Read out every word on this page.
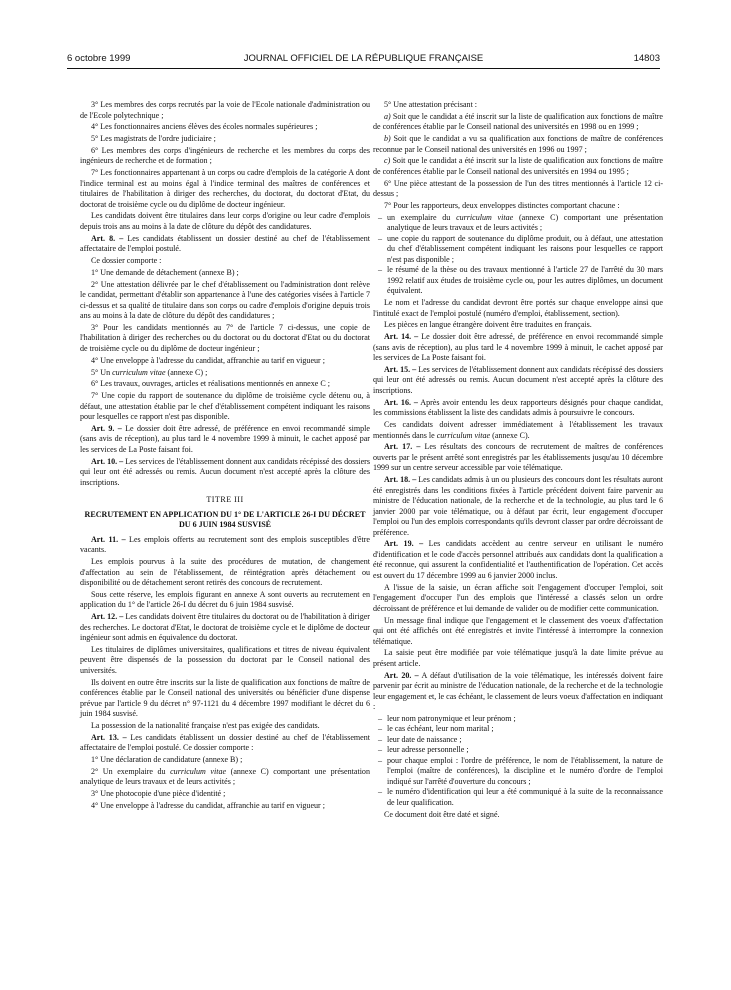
6 octobre 1999	JOURNAL OFFICIEL DE LA RÉPUBLIQUE FRANÇAISE	14803

3° Les membres des corps recrutés par la voie de l'Ecole nationale d'administration ou de l'Ecole polytechnique ;

4° Les fonctionnaires anciens élèves des écoles normales supérieures ;

5° Les magistrats de l'ordre judiciaire ;

6° Les membres des corps d'ingénieurs de recherche et les membres du corps des ingénieurs de recherche et de formation ;

7° Les fonctionnaires appartenant à un corps ou cadre d'emplois de la catégorie A dont l'indice terminal est au moins égal à l'indice terminal des maîtres de conférences et titulaires de l'habilitation à diriger des recherches, du doctorat, du doctorat d'Etat, du doctorat de troisième cycle ou du diplôme de docteur ingénieur.

Les candidats doivent être titulaires dans leur corps d'origine ou leur cadre d'emplois depuis trois ans au moins à la date de clôture du dépôt des candidatures.

Art. 8. – Les candidats établissent un dossier destiné au chef de l'établissement affectataire de l'emploi postulé.

Ce dossier comporte :

1° Une demande de détachement (annexe B) ;

2° Une attestation délivrée par le chef d'établissement ou l'administration dont relève le candidat, permettant d'établir son appartenance à l'une des catégories visées à l'article 7 ci-dessus et sa qualité de titulaire dans son corps ou cadre d'emplois d'origine depuis trois ans au moins à la date de clôture du dépôt des candidatures ;

3° Pour les candidats mentionnés au 7° de l'article 7 ci-dessus, une copie de l'habilitation à diriger des recherches ou du doctorat ou du doctorat d'Etat ou du doctorat de troisième cycle ou du diplôme de docteur ingénieur ;

4° Une enveloppe à l'adresse du candidat, affranchie au tarif en vigueur ;

5° Un curriculum vitae (annexe C) ;

6° Les travaux, ouvrages, articles et réalisations mentionnés en annexe C ;

7° Une copie du rapport de soutenance du diplôme de troisième cycle détenu ou, à défaut, une attestation établie par le chef d'établissement compétent indiquant les raisons pour lesquelles ce rapport n'est pas disponible.

Art. 9. – Le dossier doit être adressé, de préférence en envoi recommandé simple (sans avis de réception), au plus tard le 4 novembre 1999 à minuit, le cachet apposé par les services de La Poste faisant foi.

Art. 10. – Les services de l'établissement donnent aux candidats récépissé des dossiers qui leur ont été adressés ou remis. Aucun document n'est accepté après la clôture des inscriptions.

TITRE III

RECRUTEMENT EN APPLICATION DU 1° DE L'ARTICLE 26-I DU DÉCRET DU 6 JUIN 1984 SUSVISÉ

Art. 11. – Les emplois offerts au recrutement sont des emplois susceptibles d'être vacants.

Les emplois pourvus à la suite des procédures de mutation, de changement d'affectation au sein de l'établissement, de réintégration après détachement ou disponibilité ou de détachement seront retirés des concours de recrutement.

Sous cette réserve, les emplois figurant en annexe A sont ouverts au recrutement en application du 1° de l'article 26-I du décret du 6 juin 1984 susvisé.

Art. 12. – Les candidats doivent être titulaires du doctorat ou de l'habilitation à diriger des recherches. Le doctorat d'Etat, le doctorat de troisième cycle et le diplôme de docteur ingénieur sont admis en équivalence du doctorat.

Les titulaires de diplômes universitaires, qualifications et titres de niveau équivalent peuvent être dispensés de la possession du doctorat par le Conseil national des universités.

Ils doivent en outre être inscrits sur la liste de qualification aux fonctions de maître de conférences établie par le Conseil national des universités ou bénéficier d'une dispense prévue par l'article 9 du décret n° 97-1121 du 4 décembre 1997 modifiant le décret du 6 juin 1984 susvisé.

La possession de la nationalité française n'est pas exigée des candidats.

Art. 13. – Les candidats établissent un dossier destiné au chef de l'établissement affectataire de l'emploi postulé. Ce dossier comporte :

1° Une déclaration de candidature (annexe B) ;

2° Un exemplaire du curriculum vitae (annexe C) comportant une présentation analytique de leurs travaux et de leurs activités ;

3° Une photocopie d'une pièce d'identité ;

4° Une enveloppe à l'adresse du candidat, affranchie au tarif en vigueur ;

5° Une attestation précisant :

a) Soit que le candidat a été inscrit sur la liste de qualification aux fonctions de maître de conférences établie par le Conseil national des universités en 1998 ou en 1999 ;

b) Soit que le candidat a vu sa qualification aux fonctions de maître de conférences reconnue par le Conseil national des universités en 1996 ou 1997 ;

c) Soit que le candidat a été inscrit sur la liste de qualification aux fonctions de maître de conférences établie par le Conseil national des universités en 1994 ou 1995 ;

6° Une pièce attestant de la possession de l'un des titres mentionnés à l'article 12 ci-dessus ;

7° Pour les rapporteurs, deux enveloppes distinctes comportant chacune :

– un exemplaire du curriculum vitae (annexe C) comportant une présentation analytique de leurs travaux et de leurs activités ;
– une copie du rapport de soutenance du diplôme produit, ou à défaut, une attestation du chef d'établissement compétent indiquant les raisons pour lesquelles ce rapport n'est pas disponible ;
– le résumé de la thèse ou des travaux mentionné à l'article 27 de l'arrêté du 30 mars 1992 relatif aux études de troisième cycle ou, pour les autres diplômes, un document équivalent.

Le nom et l'adresse du candidat devront être portés sur chaque enveloppe ainsi que l'intitulé exact de l'emploi postulé (numéro d'emploi, établissement, section).

Les pièces en langue étrangère doivent être traduites en français.

Art. 14. – Le dossier doit être adressé, de préférence en envoi recommandé simple (sans avis de réception), au plus tard le 4 novembre 1999 à minuit, le cachet apposé par les services de La Poste faisant foi.

Art. 15. – Les services de l'établissement donnent aux candidats récépissé des dossiers qui leur ont été adressés ou remis. Aucun document n'est accepté après la clôture des inscriptions.

Art. 16. – Après avoir entendu les deux rapporteurs désignés pour chaque candidat, les commissions établissent la liste des candidats admis à poursuivre le concours.

Ces candidats doivent adresser immédiatement à l'établissement les travaux mentionnés dans le curriculum vitae (annexe C).

Art. 17. – Les résultats des concours de recrutement de maîtres de conférences ouverts par le présent arrêté sont enregistrés par les établissements jusqu'au 10 décembre 1999 sur un centre serveur accessible par voie télématique.

Art. 18. – Les candidats admis à un ou plusieurs des concours dont les résultats auront été enregistrés dans les conditions fixées à l'article précédent doivent faire parvenir au ministre de l'éducation nationale, de la recherche et de la technologie, au plus tard le 6 janvier 2000 par voie télématique, ou à défaut par écrit, leur engagement d'occuper l'emploi ou l'un des emplois correspondants qu'ils devront classer par ordre décroissant de préférence.

Art. 19. – Les candidats accèdent au centre serveur en utilisant le numéro d'identification et le code d'accès personnel attribués aux candidats dont la qualification a été reconnue, qui assurent la confidentialité et l'authentification de l'opération. Cet accès est ouvert du 17 décembre 1999 au 6 janvier 2000 inclus.

A l'issue de la saisie, un écran affiche soit l'engagement d'occuper l'emploi, soit l'engagement d'occuper l'un des emplois que l'intéressé a classés selon un ordre décroissant de préférence et lui demande de valider ou de modifier cette communication.

Un message final indique que l'engagement et le classement des voeux d'affectation qui ont été affichés ont été enregistrés et invite l'intéressé à interrompre la connexion télématique.

La saisie peut être modifiée par voie télématique jusqu'à la date limite prévue au présent article.

Art. 20. – A défaut d'utilisation de la voie télématique, les intéressés doivent faire parvenir par écrit au ministre de l'éducation nationale, de la recherche et de la technologie leur engagement et, le cas échéant, le classement de leurs voeux d'affectation en indiquant :

– leur nom patronymique et leur prénom ;
– le cas échéant, leur nom marital ;
– leur date de naissance ;
– leur adresse personnelle ;
– pour chaque emploi : l'ordre de préférence, le nom de l'établissement, la nature de l'emploi (maître de conférences), la discipline et le numéro d'ordre de l'emploi indiqué sur l'arrêté d'ouverture du concours ;
– le numéro d'identification qui leur a été communiqué à la suite de la reconnaissance de leur qualification.

Ce document doit être daté et signé.
